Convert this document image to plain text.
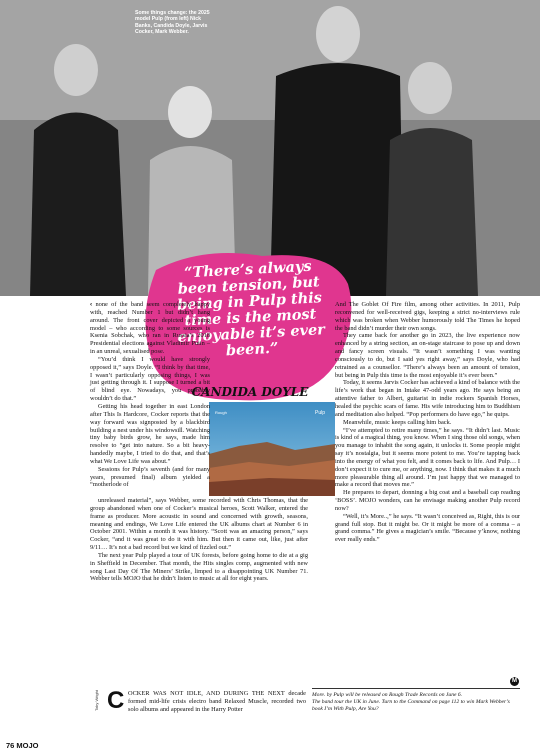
Some things change: the 2025 model Pulp (from left) Nick Banks, Candida Doyle, Jarvis Cocker, Mark Webber.
“There’s always been tension, but being in Pulp this time is the most enjoyable it’s ever been.”
CANDIDA DOYLE
Rough	Pulp

‹ none of the band seem completely happy with, reached Number 1 but didn’t hang around. The front cover depicted a young model – who according to some sources is Ksenia Sobchak, who ran in Russia’s 2018 Presidential elections against Vladimir Putin – in an unreal, sexualised pose.

“You’d think I would have strongly opposed it,” says Doyle. “I think by that time, I wasn’t particularly opposing things, I was just getting through it. I suppose I turned a bit of blind eye. Nowadays, you probably wouldn’t do that.”

Getting his head together in east London after This Is Hardcore, Cocker reports that the way forward was signposted by a blackbird building a nest under his windowsill. Watching tiny baby birds grow, he says, made him resolve to “get into nature. So a bit heavy-handedly maybe, I tried to do that, and that’s what We Love Life was about.”

Sessions for Pulp’s seventh (and for many years, presumed final) album yielded a “motherlode of

unreleased material”, says Webber, some recorded with Chris Thomas, that the group abandoned when one of Cocker’s musical heroes, Scott Walker, entered the frame as producer. More acoustic in sound and concerned with growth, seasons, meaning and endings, We Love Life entered the UK albums chart at Number 6 in October 2001. Within a month it was history. “Scott was an amazing person,” says Cocker, “and it was great to do it with him. But then it came out, like, just after 9/11… It’s not a bad record but we kind of fizzled out.”

The next year Pulp played a tour of UK forests, before going home to die at a gig in Sheffield in December. That month, the Hits singles comp, augmented with new song Last Day Of The Miners’ Strike, limped to a disappointing UK Number 71. Webber tells MOJO that he didn’t listen to music at all for eight years.

Toby Wright C OCKER WAS NOT IDLE, AND DURING THE NEXT decade formed mid-life crisis electro band Relaxed Muscle, recorded two solo albums and appeared in the Harry Potter

And The Goblet Of Fire film, among other activities. In 2011, Pulp reconvened for well-received gigs, keeping a strict no-interviews rule which was broken when Webber humorously told The Times he hoped the band didn’t murder their own songs.

They came back for another go in 2023, the live experience now enhanced by a string section, an on-stage staircase to pose up and down and fancy screen visuals. “It wasn’t something I was wanting consciously to do, but I said yes right away,” says Doyle, who had retrained as a counsellor. “There’s always been an amount of tension, but being in Pulp this time is the most enjoyable it’s ever been.”

Today, it seems Jarvis Cocker has achieved a kind of balance with the life’s work that began in Intake 47-odd years ago. He says being an attentive father to Albert, guitarist in indie rockers Spanish Horses, healed the psychic scars of fame. His wife introducing him to Buddhism and meditation also helped. “Pop performers do have ego,” he quips.

Meanwhile, music keeps calling him back.

“I’ve attempted to retire many times,” he says. “It didn’t last. Music is kind of a magical thing, you know. When I sing those old songs, when you manage to inhabit the song again, it unlocks it. Some people might say it’s nostalgia, but it seems more potent to me. You’re tapping back into the energy of what you felt, and it comes back to life. And Pulp… I don’t expect it to cure me, or anything, now. I think that makes it a much more pleasurable thing all around. I’m just happy that we managed to make a record that moves me.”

He prepares to depart, donning a big coat and a baseball cap reading ‘BOSS’. MOJO wonders, can he envisage making another Pulp record now?

“Well, it’s More..,” he says. “It wasn’t conceived as, Right, this is our grand full stop. But it might be. Or it might be more of a comma – a grand comma.” He gives a magician’s smile. “Because y’know, nothing ever really ends.”

M
More. by Pulp will be released on Rough Trade Records on June 6.
The band tour the UK in June. Turn to the Command on page 112 to win Mark Webber’s book I’m With Pulp, Are You?
76 MOJO
